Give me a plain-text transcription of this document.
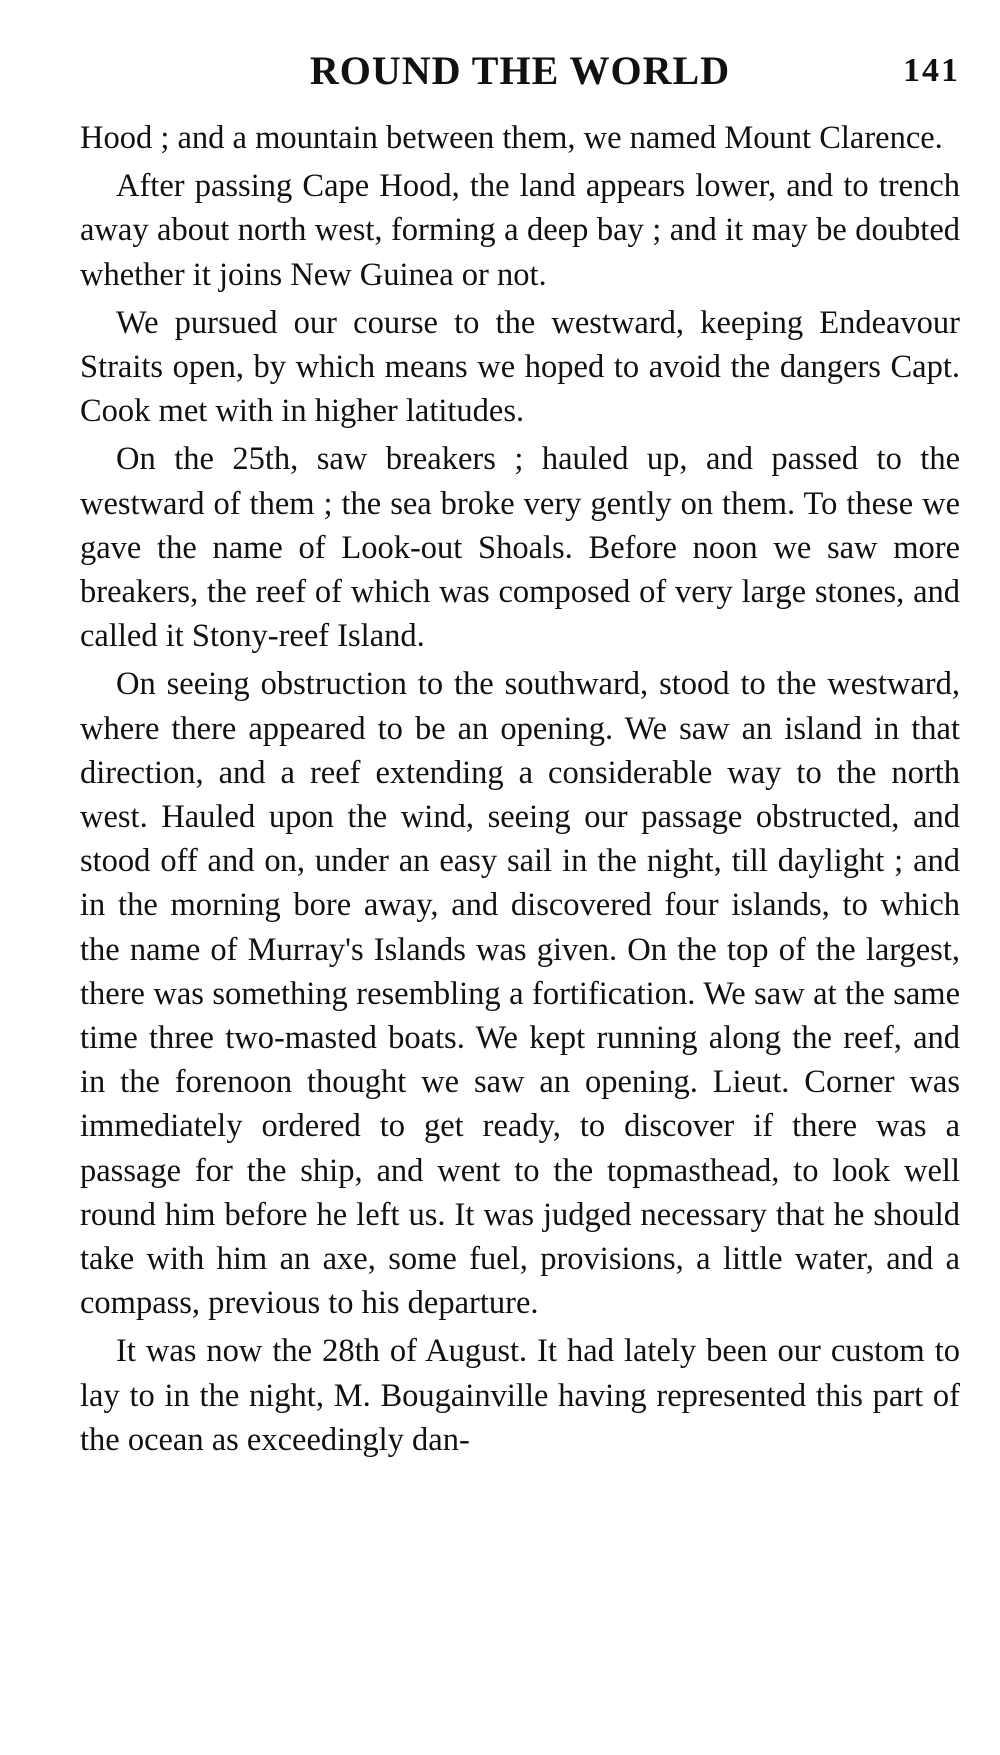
ROUND THE WORLD	141

Hood ; and a mountain between them, we named Mount Clarence.

After passing Cape Hood, the land appears lower, and to trench away about north west, forming a deep bay ; and it may be doubted whether it joins New Guinea or not.

We pursued our course to the westward, keeping Endeavour Straits open, by which means we hoped to avoid the dangers Capt. Cook met with in higher latitudes.

On the 25th, saw breakers ; hauled up, and passed to the westward of them ; the sea broke very gently on them. To these we gave the name of Look-out Shoals. Before noon we saw more breakers, the reef of which was composed of very large stones, and called it Stony-reef Island.

On seeing obstruction to the southward, stood to the westward, where there appeared to be an opening. We saw an island in that direction, and a reef extending a considerable way to the north west. Hauled upon the wind, seeing our passage obstructed, and stood off and on, under an easy sail in the night, till daylight ; and in the morning bore away, and discovered four islands, to which the name of Murray's Islands was given. On the top of the largest, there was something resembling a fortification. We saw at the same time three two-masted boats. We kept running along the reef, and in the forenoon thought we saw an opening. Lieut. Corner was immediately ordered to get ready, to discover if there was a passage for the ship, and went to the topmasthead, to look well round him before he left us. It was judged necessary that he should take with him an axe, some fuel, provisions, a little water, and a compass, previous to his departure.

It was now the 28th of August. It had lately been our custom to lay to in the night, M. Bougainville having represented this part of the ocean as exceedingly dan-
